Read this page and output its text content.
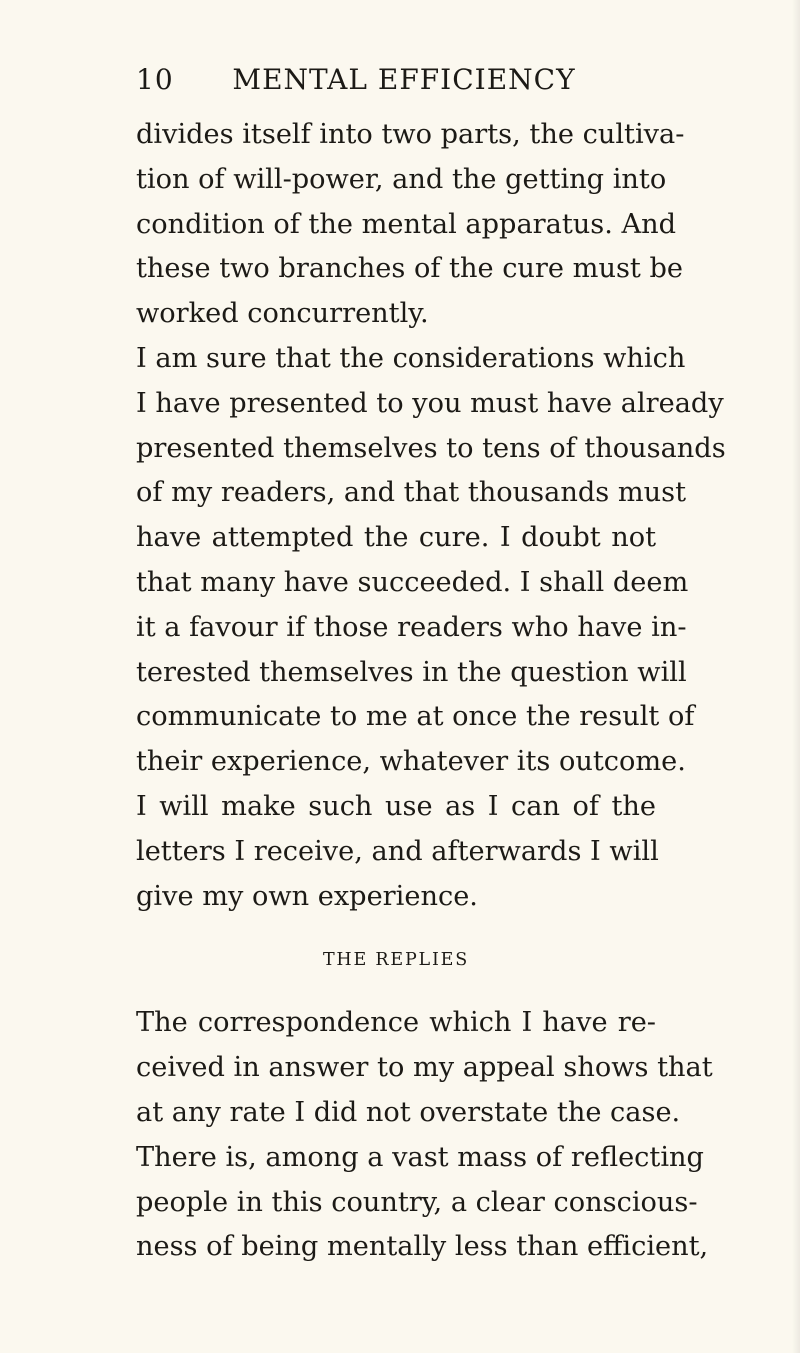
10	MENTAL EFFICIENCY
divides itself into two parts, the cultiva-
tion of will-power, and the getting into
condition of the mental apparatus. And
these two branches of the cure must be
worked concurrently.
I am sure that the considerations which
I have presented to you must have already
presented themselves to tens of thousands
of my readers, and that thousands must
have attempted the cure. I doubt not
that many have succeeded. I shall deem
it a favour if those readers who have in-
terested themselves in the question will
communicate to me at once the result of
their experience, whatever its outcome.
I will make such use as I can of the
letters I receive, and afterwards I will
give my own experience.
THE REPLIES
The correspondence which I have re-
ceived in answer to my appeal shows that
at any rate I did not overstate the case.
There is, among a vast mass of reflecting
people in this country, a clear conscious-
ness of being mentally less than efficient,
